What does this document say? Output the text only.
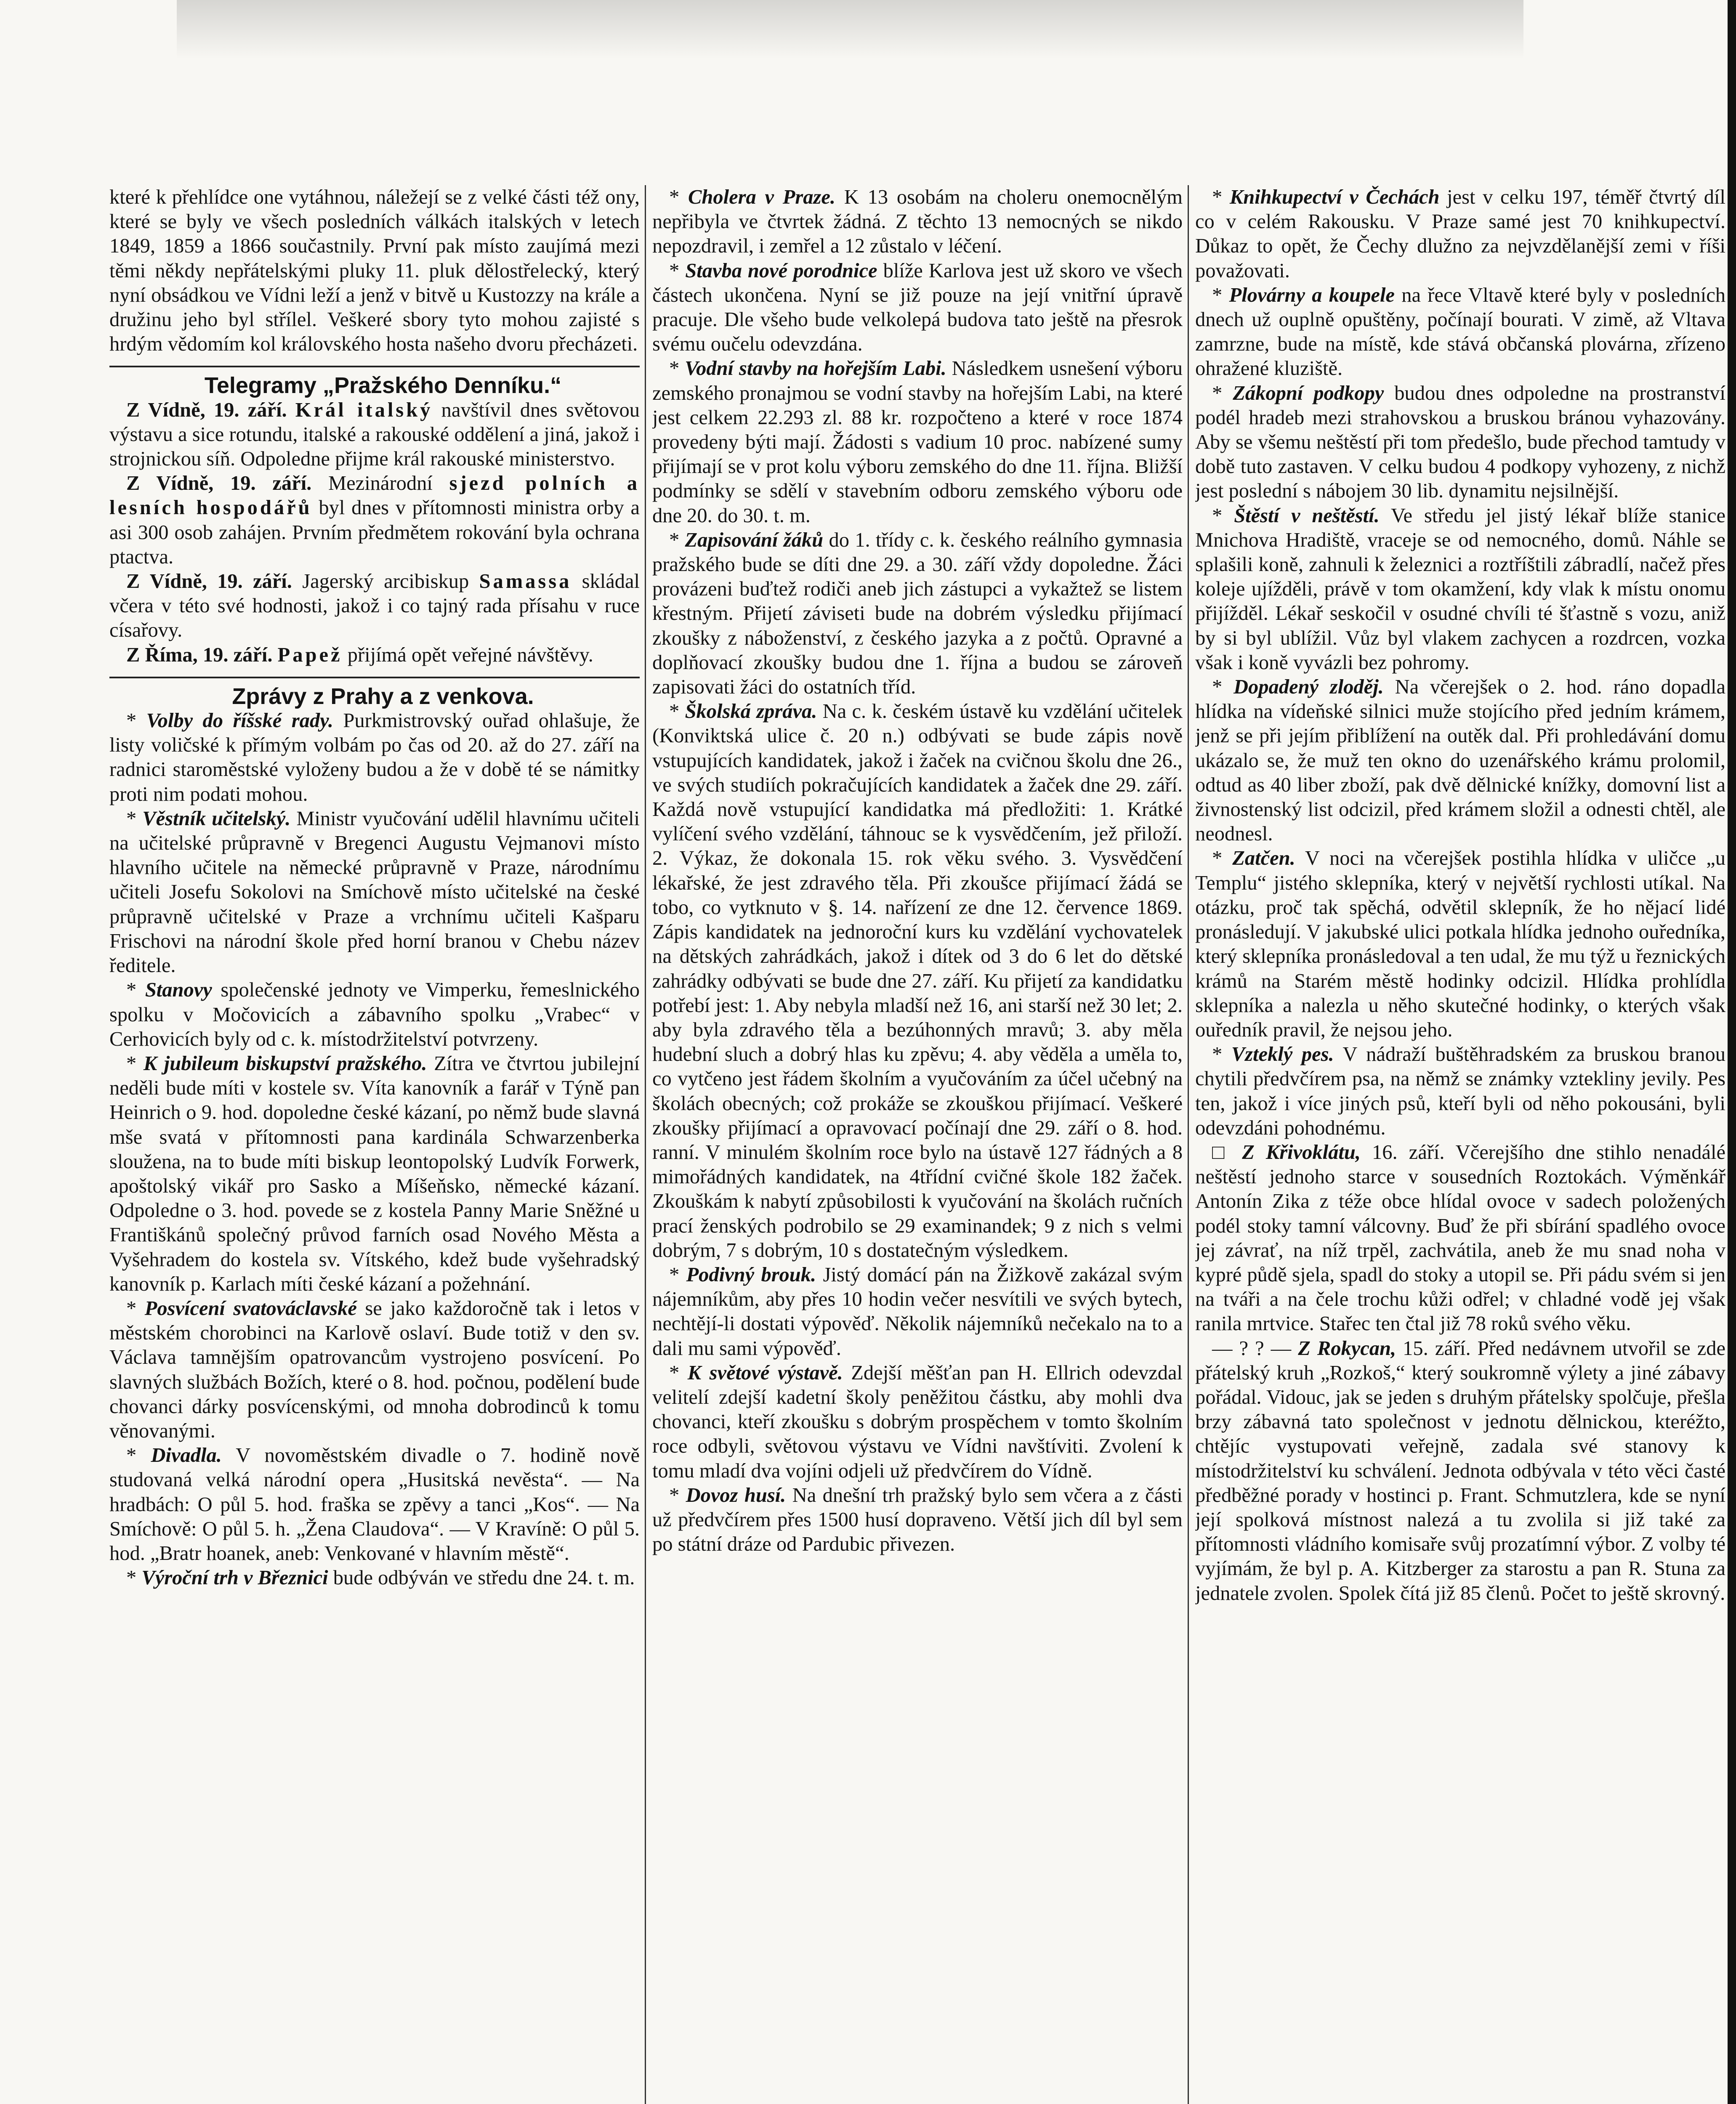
které k přehlídce one vytáhnou, náležejí se z velké části též ony, které se byly ve všech posledních válkách italských v letech 1849, 1859 a 1866 součastnily. První pak místo zaujímá mezi těmi někdy nepřátelskými pluky 11. pluk dělostřelecký, který nyní obsádkou ve Vídni leží a jenž v bitvě u Kustozzy na krále a družinu jeho byl střílel. Veškeré sbory tyto mohou zajisté s hrdým vědomím kol královského hosta našeho dvoru přecházeti.

Telegramy „Pražského Denníku.“

Z Vídně, 19. září. Král italský navštívil dnes světovou výstavu a sice rotundu, italské a rakouské oddělení a jiná, jakož i strojnickou síň. Odpoledne přijme král rakouské ministerstvo.

Z Vídně, 19. září. Mezinárodní sjezd polních a lesních hospodářů byl dnes v přítomnosti ministra orby a asi 300 osob zahájen. Prvním předmětem rokování byla ochrana ptactva.

Z Vídně, 19. září. Jagerský arcibiskup Samassa skládal včera v této své hodnosti, jakož i co tajný rada přísahu v ruce císařovy.

Z Říma, 19. září. Papež přijímá opět veřejné návštěvy.

Zprávy z Prahy a z venkova.

* Volby do říšské rady. Purkmistrovský ouřad ohlašuje, že listy voličské k přímým volbám po čas od 20. až do 27. září na radnici staroměstské vyloženy budou a že v době té se námitky proti nim podati mohou.

* Věstník učitelský. Ministr vyučování udělil hlavnímu učiteli na učitelské průpravně v Bregenci Augustu Vejmanovi místo hlavního učitele na německé průpravně v Praze, národnímu učiteli Josefu Sokolovi na Smíchově místo učitelské na české průpravně učitelské v Praze a vrchnímu učiteli Kašparu Frischovi na národní škole před horní branou v Chebu název ředitele.

* Stanovy společenské jednoty ve Vimperku, řemeslnického spolku v Močovicích a zábavního spolku „Vrabec“ v Cerhovicích byly od c. k. místodržitelství potvrzeny.

* K jubileum biskupství pražského. Zítra ve čtvrtou jubilejní neděli bude míti v kostele sv. Víta kanovník a farář v Týně pan Heinrich o 9. hod. dopoledne české kázaní, po němž bude slavná mše svatá v přítomnosti pana kardinála Schwarzenberka sloužena, na to bude míti biskup leontopolský Ludvík Forwerk, apoštolský vikář pro Sasko a Míšeňsko, německé kázaní. Odpoledne o 3. hod. povede se z kostela Panny Marie Sněžné u Františkánů společný průvod farních osad Nového Města a Vyšehradem do kostela sv. Vítského, kdež bude vyšehradský kanovník p. Karlach míti české kázaní a požehnání.

* Posvícení svatováclavské se jako každoročně tak i letos v městském chorobinci na Karlově oslaví. Bude totiž v den sv. Václava tamnějším opatrovancům vystrojeno posvícení. Po slavných službách Božích, které o 8. hod. počnou, podělení bude chovanci dárky posvícenskými, od mnoha dobrodinců k tomu věnovanými.

* Divadla. V novoměstském divadle o 7. hodině nově studovaná velká národní opera „Husitská nevěsta“. — Na hradbách: O půl 5. hod. fraška se zpěvy a tanci „Kos“. — Na Smíchově: O půl 5. h. „Žena Claudova“. — V Kravíně: O půl 5. hod. „Bratr hoanek, aneb: Venkované v hlavním městě“.

* Výroční trh v Březnici bude odbýván ve středu dne 24. t. m.

* Cholera v Praze. K 13 osobám na choleru onemocnělým nepřibyla ve čtvrtek žádná. Z těchto 13 nemocných se nikdo nepozdravil, i zemřel a 12 zůstalo v léčení.

* Stavba nové porodnice blíže Karlova jest už skoro ve všech částech ukončena. Nyní se již pouze na její vnitřní úpravě pracuje. Dle všeho bude velkolepá budova tato ještě na přesrok svému oučelu odevzdána.

* Vodní stavby na hořejším Labi. Následkem usnešení výboru zemského pronajmou se vodní stavby na hořejším Labi, na které jest celkem 22.293 zl. 88 kr. rozpočteno a které v roce 1874 provedeny býti mají. Žádosti s vadium 10 proc. nabízené sumy přijímají se v prot kolu výboru zemského do dne 11. října. Bližší podmínky se sdělí v stavebním odboru zemského výboru ode dne 20. do 30. t. m.

* Zapisování žáků do 1. třídy c. k. českého reálního gymnasia pražského bude se díti dne 29. a 30. září vždy dopoledne. Žáci provázeni buďtež rodiči aneb jich zástupci a vykažtež se listem křestným. Přijetí záviseti bude na dobrém výsledku přijímací zkoušky z náboženství, z českého jazyka a z počtů. Opravné a doplňovací zkoušky budou dne 1. října a budou se zároveň zapisovati žáci do ostatních tříd.

* Školská zpráva. Na c. k. českém ústavě ku vzdělání učitelek (Konviktská ulice č. 20 n.) odbývati se bude zápis nově vstupujících kandidatek, jakož i žaček na cvičnou školu dne 26., ve svých studiích pokračujících kandidatek a žaček dne 29. září. Každá nově vstupující kandidatka má předložiti: 1. Krátké vylíčení svého vzdělání, táhnouc se k vysvědčením, jež přiloží. 2. Výkaz, že dokonala 15. rok věku svého. 3. Vysvědčení lékařské, že jest zdravého těla. Při zkoušce přijímací žádá se tobo, co vytknuto v §. 14. nařízení ze dne 12. července 1869. Zápis kandidatek na jednoroční kurs ku vzdělání vychovatelek na dětských zahrádkách, jakož i dítek od 3 do 6 let do dětské zahrádky odbývati se bude dne 27. září. Ku přijetí za kandidatku potřebí jest: 1. Aby nebyla mladší než 16, ani starší než 30 let; 2. aby byla zdravého těla a bezúhonných mravů; 3. aby měla hudební sluch a dobrý hlas ku zpěvu; 4. aby věděla a uměla to, co vytčeno jest řádem školním a vyučováním za účel učebný na školách obecných; což prokáže se zkouškou přijímací. Veškeré zkoušky přijímací a opravovací počínají dne 29. září o 8. hod. ranní. V minulém školním roce bylo na ústavě 127 řádných a 8 mimořádných kandidatek, na 4třídní cvičné škole 182 žaček. Zkouškám k nabytí způsobilosti k vyučování na školách ručních prací ženských podrobilo se 29 examinandek; 9 z nich s velmi dobrým, 7 s dobrým, 10 s dostatečným výsledkem.

* Podivný brouk. Jistý domácí pán na Žižkově zakázal svým nájemníkům, aby přes 10 hodin večer nesvítili ve svých bytech, nechtějí-li dostati výpověď. Několik nájemníků nečekalo na to a dali mu sami výpověď.

* K světové výstavě. Zdejší měšťan pan H. Ellrich odevzdal velitelí zdejší kadetní školy peněžitou částku, aby mohli dva chovanci, kteří zkoušku s dobrým prospěchem v tomto školním roce odbyli, světovou výstavu ve Vídni navštíviti. Zvolení k tomu mladí dva vojíni odjeli už předvčírem do Vídně.

* Dovoz husí. Na dnešní trh pražský bylo sem včera a z části už předvčírem přes 1500 husí dopraveno. Větší jich díl byl sem po státní dráze od Pardubic přivezen.

* Knihkupectví v Čechách jest v celku 197, téměř čtvrtý díl co v celém Rakousku. V Praze samé jest 70 knihkupectví. Důkaz to opět, že Čechy dlužno za nejvzdělanější zemi v říši považovati.

* Plovárny a koupele na řece Vltavě které byly v posledních dnech už ouplně opuštěny, počínají bourati. V zimě, až Vltava zamrzne, bude na místě, kde stává občanská plovárna, zřízeno ohražené kluziště.

* Zákopní podkopy budou dnes odpoledne na prostranství podél hradeb mezi strahovskou a bruskou bránou vyhazovány. Aby se všemu neštěstí při tom předešlo, bude přechod tamtudy v době tuto zastaven. V celku budou 4 podkopy vyhozeny, z nichž jest poslední s nábojem 30 lib. dynamitu nejsilnější.

* Štěstí v neštěstí. Ve středu jel jistý lékař blíže stanice Mnichova Hradiště, vraceje se od nemocného, domů. Náhle se splašili koně, zahnuli k železnici a roztříštili zábradlí, načež přes koleje ujížděli, právě v tom okamžení, kdy vlak k místu onomu přijížděl. Lékař seskočil v osudné chvíli té šťastně s vozu, aniž by si byl ublížil. Vůz byl vlakem zachycen a rozdrcen, vozka však i koně vyvázli bez pohromy.

* Dopadený zloděj. Na včerejšek o 2. hod. ráno dopadla hlídka na vídeňské silnici muže stojícího před jedním krámem, jenž se při jejím přiblížení na outěk dal. Při prohledávání domu ukázalo se, že muž ten okno do uzenářského krámu prolomil, odtud as 40 liber zboží, pak dvě dělnické knížky, domovní list a živnostenský list odcizil, před krámem složil a odnesti chtěl, ale neodnesl.

* Zatčen. V noci na včerejšek postihla hlídka v uličce „u Templu“ jistého sklepníka, který v největší rychlosti utíkal. Na otázku, proč tak spěchá, odvětil sklepník, že ho nějací lidé pronásledují. V jakubské ulici potkala hlídka jednoho ouředníka, který sklepníka pronásledoval a ten udal, že mu týž u řeznických krámů na Starém městě hodinky odcizil. Hlídka prohlídla sklepníka a nalezla u něho skutečné hodinky, o kterých však ouředník pravil, že nejsou jeho.

* Vzteklý pes. V nádraží buštěhradském za bruskou branou chytili předvčírem psa, na němž se známky vztekliny jevily. Pes ten, jakož i více jiných psů, kteří byli od něho pokousáni, byli odevzdáni pohodnému.

□ Z Křivoklátu, 16. září. Včerejšího dne stihlo nenadálé neštěstí jednoho starce v sousedních Roztokách. Výměnkář Antonín Zika z téže obce hlídal ovoce v sadech položených podél stoky tamní válcovny. Buď že při sbírání spadlého ovoce jej závrať, na níž trpěl, zachvátila, aneb že mu snad noha v kypré půdě sjela, spadl do stoky a utopil se. Při pádu svém si jen na tváři a na čele trochu kůži odřel; v chladné vodě jej však ranila mrtvice. Stařec ten čtal již 78 roků svého věku.

— ? ? — Z Rokycan, 15. září. Před nedávnem utvořil se zde přátelský kruh „Rozkoš,“ který soukromně výlety a jiné zábavy pořádal. Vidouc, jak se jeden s druhým přátelsky spolčuje, přešla brzy zábavná tato společnost v jednotu dělnickou, kteréžto, chtějíc vystupovati veřejně, zadala své stanovy k místodržitelství ku schválení. Jednota odbývala v této věci časté předběžné porady v hostinci p. Frant. Schmutzlera, kde se nyní její spolková místnost nalezá a tu zvolila si již také za přítomnosti vládního komisaře svůj prozatímní výbor. Z volby té vyjímám, že byl p. A. Kitzberger za starostu a pan R. Stuna za jednatele zvolen. Spolek čítá již 85 členů. Počet to ještě skrovný.
